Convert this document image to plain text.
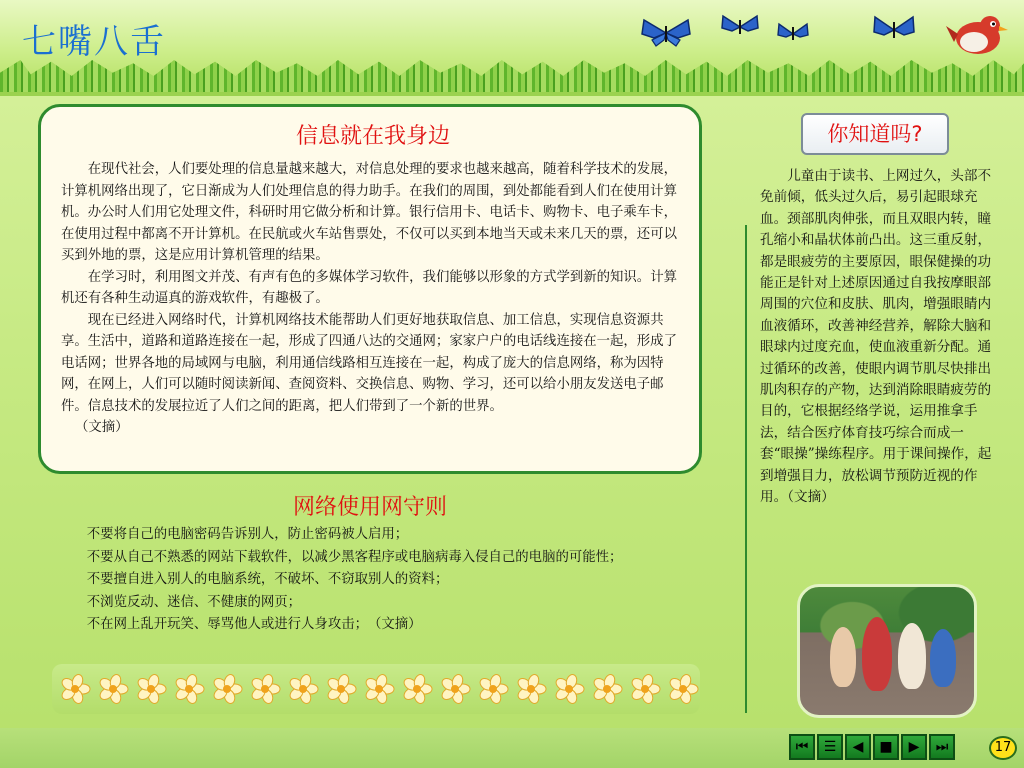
七嘴八舌
信息就在我身边

在现代社会，人们要处理的信息量越来越大，对信息处理的要求也越来越高，随着科学技术的发展，计算机网络出现了，它日渐成为人们处理信息的得力助手。在我们的周围，到处都能看到人们在使用计算机。办公时人们用它处理文件，科研时用它做分析和计算。银行信用卡、电话卡、购物卡、电子乘车卡，在使用过程中都离不开计算机。在民航或火车站售票处，不仅可以买到本地当天或未来几天的票，还可以买到外地的票，这是应用计算机管理的结果。

在学习时，利用图文并茂、有声有色的多媒体学习软件，我们能够以形象的方式学到新的知识。计算机还有各种生动逼真的游戏软件，有趣极了。

现在已经进入网络时代，计算机网络技术能帮助人们更好地获取信息、加工信息，实现信息资源共享。生活中，道路和道路连接在一起，形成了四通八达的交通网；家家户户的电话线连接在一起，形成了电话网；世界各地的局域网与电脑，利用通信线路相互连接在一起，构成了庞大的信息网络，称为因特网，在网上，人们可以随时阅读新闻、查阅资料、交换信息、购物、学习，还可以给小朋友发送电子邮件。信息技术的发展拉近了人们之间的距离，把人们带到了一个新的世界。

（文摘）
网络使用网守则

不要将自己的电脑密码告诉别人，防止密码被人启用；

不要从自己不熟悉的网站下载软件，以减少黑客程序或电脑病毒入侵自己的电脑的可能性；

不要擅自进入别人的电脑系统，不破坏、不窃取别人的资料；

不浏览反动、迷信、不健康的网页；

不在网上乱开玩笑、辱骂他人或进行人身攻击；　（文摘）

你知道吗?
儿童由于读书、上网过久，头部不免前倾，低头过久后，易引起眼球充血。颈部肌肉伸张，而且双眼内转，瞳孔缩小和晶状体前凸出。这三重反射，都是眼疲劳的主要原因，眼保健操的功能正是针对上述原因通过自我按摩眼部周围的穴位和皮肤、肌肉，增强眼睛内血液循环，改善神经营养，解除大脑和眼球内过度充血，使血液重新分配。通过循环的改善，使眼内调节肌尽快排出肌肉积存的产物，达到消除眼睛疲劳的目的，它根据经络学说，运用推拿手法，结合医疗体育技巧综合而成一套“眼操”操练程序。用于课间操作，起到增强目力，放松调节预防近视的作用。（文摘）
⏮ ☰ ◀ ■ ▶ ⏭	17
